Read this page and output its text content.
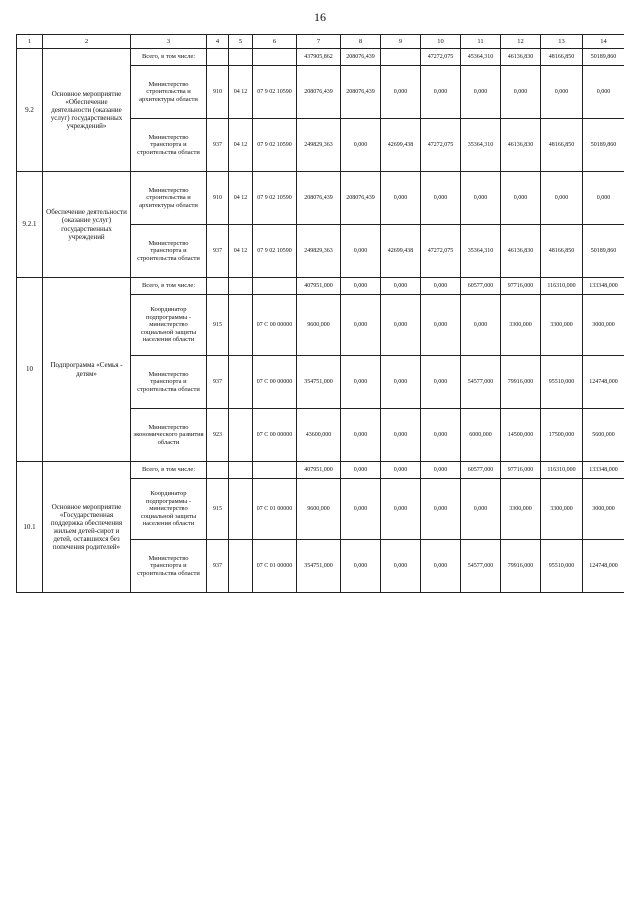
16
1	2	3	4	5	6	7	8	9	10	11	12	13	14
9.2	Основное мероприятие «Обеспечение деятельности (оказание услуг) государственных учреждений»	Всего, в том числе:				437905,862	208076,439		47272,075	45364,310	46136,830	48166,850	50189,860
		Министерство строительства и архитектуры области	910	04 12	07 9 02 10590	208076,439	208076,439	0,000	0,000	0,000	0,000	0,000	0,000
		Министерство транспорта и строительства области	937	04 12	07 9 02 10590	249829,363	0,000	42699,438	47272,075	35364,310	46136,830	48166,850	50189,860
9.2.1	Обеспечение деятельности (оказание услуг) государственных учреждений	Министерство строительства и архитектуры области	910	04 12	07 9 02 10590	208076,439	208076,439	0,000	0,000	0,000	0,000	0,000	0,000
		Министерство транспорта и строительства области	937	04 12	07 9 02 10590	249829,363	0,000	42699,438	47272,075	35364,310	46136,830	48166,850	50189,860
10	Подпрограмма «Семья - детям»	Всего, в том числе:				407951,000	0,000	0,000	0,000	60577,000	97716,000	116310,000	133348,000
		Координатор подпрограммы - министерство социальной защиты населения области	915		07 С 00 00000	9600,000	0,000	0,000	0,000	0,000	3300,000	3300,000	3000,000
		Министерство транспорта и строительства области	937		07 С 00 00000	354751,000	0,000	0,000	0,000	54577,000	79916,000	95510,000	124748,000
		Министерство экономического развития области	923		07 С 00 00000	43600,000	0,000	0,000	0,000	6000,000	14500,000	17500,000	5600,000
10.1	Основное мероприятие «Государственная поддержка обеспечения жильем детей-сирот и детей, оставшихся без попечения родителей»	Всего, в том числе:				407951,000	0,000	0,000	0,000	60577,000	97716,000	116310,000	133348,000
		Координатор подпрограммы - министерство социальной защиты населения области	915		07 С 01 00000	9600,000	0,000	0,000	0,000	0,000	3300,000	3300,000	3000,000
		Министерство транспорта и строительства области	937		07 С 01 00000	354751,000	0,000	0,000	0,000	54577,000	79916,000	95510,000	124748,000
